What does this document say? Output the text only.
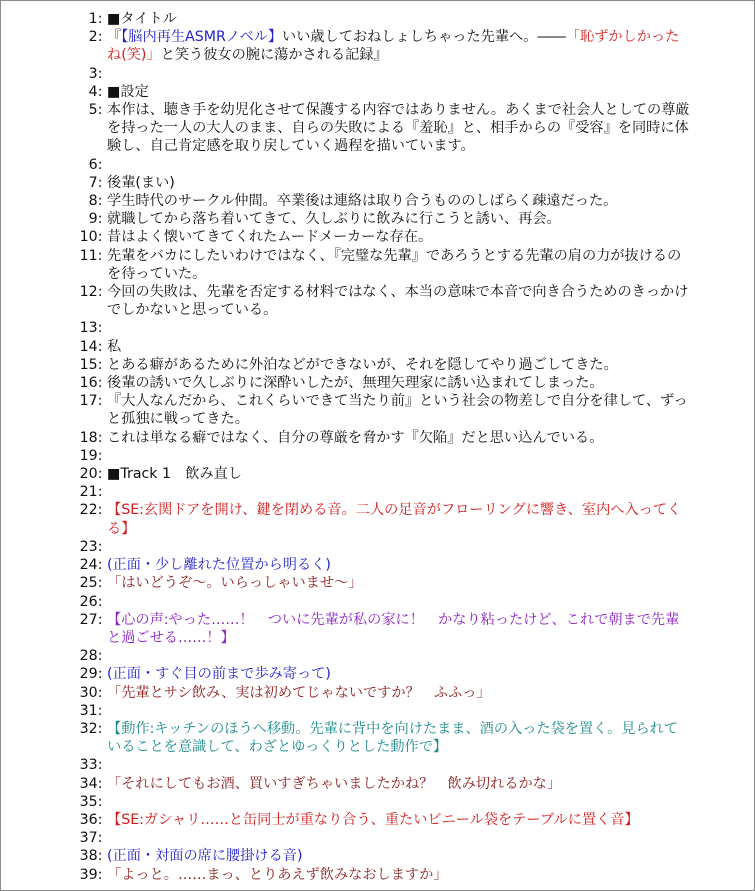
1: ■タイトル
2: 『【脳内再生ASMRノベル】いい歳しておねしょしちゃった先輩へ。――「恥ずかしかったね(笑)」と笑う彼女の腕に蕩かされる記録』
3:

4: ■設定
5: 本作は、聴き手を幼児化させて保護する内容ではありません。あくまで社会人としての尊厳を持った一人の大人のまま、自らの失敗による『羞恥』と、相手からの『受容』を同時に体験し、自己肯定感を取り戻していく過程を描いています。
6:

7: 後輩(まい)
8: 学生時代のサークル仲間。卒業後は連絡は取り合うもののしばらく疎遠だった。
9: 就職してから落ち着いてきて、久しぶりに飲みに行こうと誘い、再会。
10: 昔はよく懐いてきてくれたムードメーカーな存在。
11: 先輩をバカにしたいわけではなく、『完璧な先輩』であろうとする先輩の肩の力が抜けるのを待っていた。
12: 今回の失敗は、先輩を否定する材料ではなく、本当の意味で本音で向き合うためのきっかけでしかないと思っている。
13:

14: 私
15: とある癖があるために外泊などができないが、それを隠してやり過ごしてきた。
16: 後輩の誘いで久しぶりに深酔いしたが、無理矢理家に誘い込まれてしまった。
17: 『大人なんだから、これくらいできて当たり前』という社会の物差しで自分を律して、ずっと孤独に戦ってきた。
18: これは単なる癖ではなく、自分の尊厳を脅かす『欠陥』だと思い込んでいる。
19:

20: ■Track 1　飲み直し
21:

22: 【SE:玄関ドアを開け、鍵を閉める音。二人の足音がフローリングに響き、室内へ入ってくる】
23:

24: (正面・少し離れた位置から明るく)
25: 「はいどうぞ～。いらっしゃいませ～」
26:

27: 【心の声:やった……！　ついに先輩が私の家に！　かなり粘ったけど、これで朝まで先輩と過ごせる……！】
28:

29: (正面・すぐ目の前まで歩み寄って)
30: 「先輩とサシ飲み、実は初めてじゃないですか？　ふふっ」
31:

32: 【動作:キッチンのほうへ移動。先輩に背中を向けたまま、酒の入った袋を置く。見られていることを意識して、わざとゆっくりとした動作で】
33:

34: 「それにしてもお酒、買いすぎちゃいましたかね？　飲み切れるかな」
35:

36: 【SE:ガシャリ……と缶同士が重なり合う、重たいビニール袋をテーブルに置く音】
37:

38: (正面・対面の席に腰掛ける音)
39: 「よっと。……まっ、とりあえず飲みなおしますか」
